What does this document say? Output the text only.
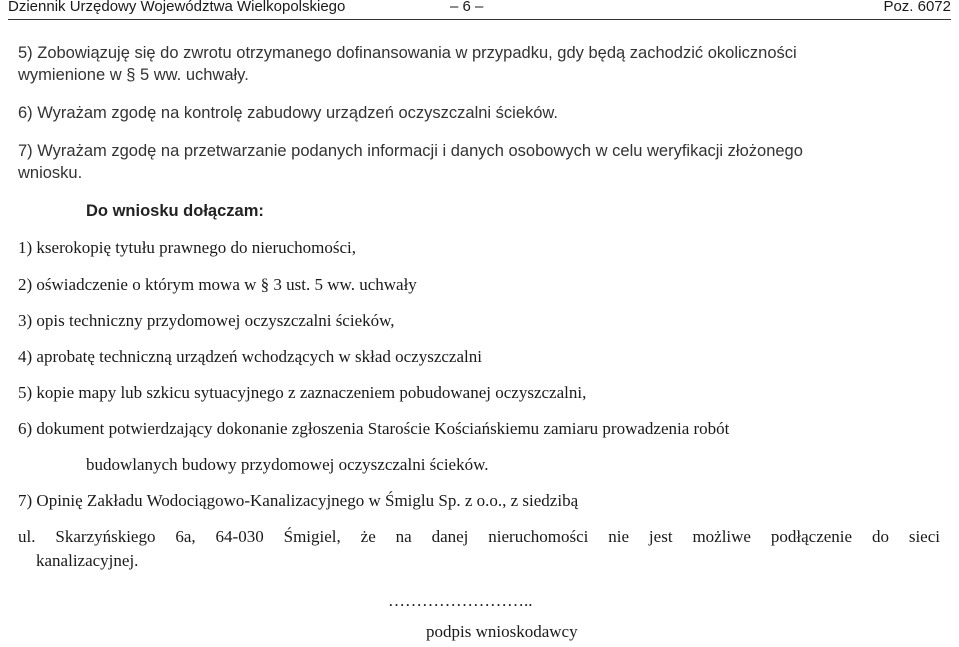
Dziennik Urzędowy Województwa Wielkopolskiego	– 6 –	Poz. 6072
5) Zobowiązuję się do zwrotu otrzymanego dofinansowania w przypadku, gdy będą zachodzić okoliczności
wymienione w § 5 ww. uchwały.
6) Wyrażam zgodę na kontrolę zabudowy urządzeń oczyszczalni ścieków.
7) Wyrażam zgodę na przetwarzanie podanych informacji i danych osobowych w celu weryfikacji złożonego
wniosku.
Do wniosku dołączam:
1) kserokopię tytułu prawnego do nieruchomości,
2) oświadczenie o którym mowa w § 3 ust. 5 ww. uchwały
3) opis techniczny przydomowej oczyszczalni ścieków,
4) aprobatę techniczną urządzeń wchodzących w skład oczyszczalni
5) kopie mapy lub szkicu sytuacyjnego z zaznaczeniem pobudowanej oczyszczalni,
6) dokument potwierdzający dokonanie zgłoszenia Staroście Kościańskiemu zamiaru prowadzenia robót
budowlanych budowy przydomowej oczyszczalni ścieków.
7) Opinię Zakładu Wodociągowo-Kanalizacyjnego w Śmiglu Sp. z o.o., z siedzibą
ul. Skarzyńskiego 6a, 64-030 Śmigiel, że na danej nieruchomości nie jest możliwe podłączenie do sieci
kanalizacyjnej.
……………………..
podpis wnioskodawcy
